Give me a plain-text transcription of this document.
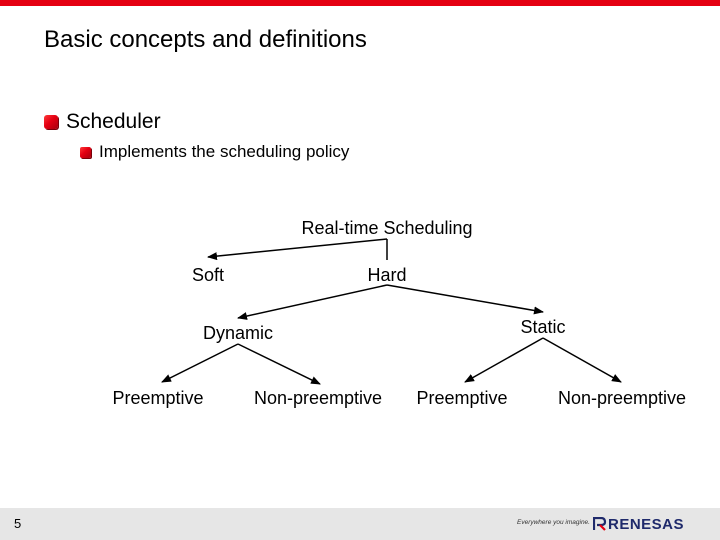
Basic concepts and definitions
Scheduler
Implements the scheduling policy
Real-time Scheduling
Soft	Hard
Dynamic	Static
Preemptive	Non-preemptive Preemptive	Non-preemptive
5	Everywhere you imagine. RENESAS
